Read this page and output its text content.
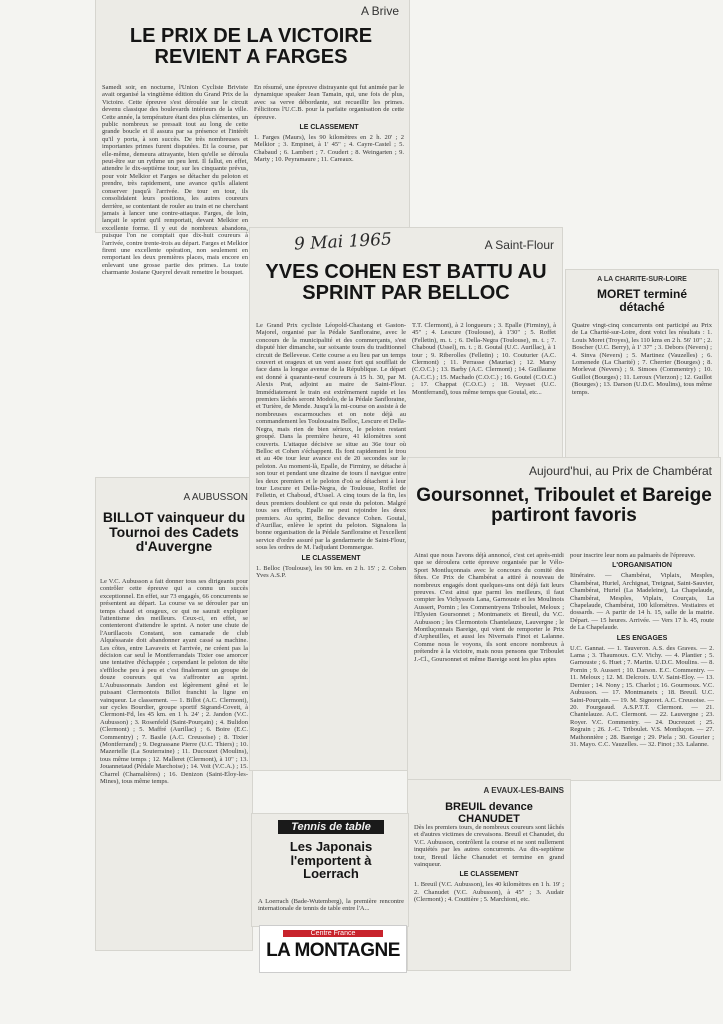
A Brive
LE PRIX DE LA VICTOIRE REVIENT A FARGES
Samedi soir, en nocturne, l'Union Cycliste Briviste avait organisé la vingtième édition du Grand Prix de la Victoire. Cette épreuve s'est déroulée sur le circuit devenu classique des boulevards intérieurs de la ville. Cette année, la température étant des plus clémentes, un public nombreux se pressait tout au long de cette grande boucle et il assura par sa présence et l'intérêt qu'il y porta, à son succès. De très nombreuses et importantes primes furent disputées. Et la course, par elle-même, demeura attrayante, bien qu'elle se déroula peut-être sur un rythme un peu lent. Il fallut, en effet, attendre le dix-septième tour, sur les cinquante prévus, pour voir Melkior et Farges se détacher du peloton et prendre, très rapidement, une avance qu'ils allaient conserver jusqu'à l'arrivée. De tour en tour, ils consolidaient leurs positions, les autres coureurs derrière, se contentant de rouler au train et ne cherchant jamais à lancer une contre-attaque. Farges, de loin, lançait le sprint qu'il remportait, devant Melkior en excellente forme. Il y eut de nombreux abandons, puisque l'on ne comptait que dix-huit coureurs à l'arrivée, contre trente-trois au départ. Farges et Melkior firent une excellente opération, non seulement en remportant les deux premières places, mais encore en enlevant une grosse partie des primes. La toute charmante Josiane Queyrel devait remettre le bouquet.
En résumé, une épreuve distrayante qui fut animée par le dynamique speaker Jean Tamain, qui, une fois de plus, avec sa verve débordante, sut recueillir les primes. Félicitons l'U.C.B. pour la parfaite organisation de cette épreuve.
LE CLASSEMENT
1. Farges (Maurs), les 90 kilomètres en 2 h. 20' ; 2 Melkior ; 3. Empinet, à 1' 45" ; 4. Cayre-Castel ; 5. Chabaud ; 6. Lambert ; 7. Coudert ; 8. Weingarten ; 9. Marty ; 10. Peyramaure ; 11. Careaux.
A AUBUSSON
BILLOT vainqueur du Tournoi des Cadets d'Auvergne
Le V.C. Aubusson a fait donner tous ses dirigeants pour contrôler cette épreuve qui a connu un succès exceptionnel. En effet, sur 73 engagés, 66 concurrents se présentent au départ. La course va se dérouler par un temps chaud et orageux, ce qui ne saurait expliquer l'attentisme des meilleurs. Ceux-ci, en effet, se contenteront d'attendre le sprint. A noter une chute de l'Aurillacois Constant, son camarade de club Alquéssaraie doit abandonner ayant cassé sa machine. Les côtes, entre Lavaveix et l'arrivée, ne créent pas la décision car seul le Montferrandais Tixier ose amorcer une tentative d'échappée ; cependant le peloton de tête s'effiloche peu à peu et c'est finalement un groupe de douze coureurs qui va s'affronter au sprint. L'Aubussonnais Jandon est légèrement gêné et le puissant Clermontois Billot franchit la ligne en vainqueur. Le classement. — 1. Billot (A.C. Clermont), sur cycles Bourdier, groupe sportif Sigrand-Covett, à Clermont-Fd, les 45 km. en 1 h. 24' ; 2. Jandon (V.C. Aubusson) ; 3. Rosenfeld (Saint-Pourçain) ; 4. Bulidon (Clermont) ; 5. Maffré (Aurillac) ; 6. Boire (E.C. Commentry) ; 7. Basile (A.C. Creusoise) ; 8. Tixier (Montferrand) ; 9. Degrassane Pierre (U.C. Thiers) ; 10. Mazertelle (La Souterraine) ; 11. Ducouzet (Moulins), tous même temps ; 12. Malleret (Clermont), à 10" ; 13. Jouannetaud (Pédale Marchoise) ; 14. Voit (V.C.A.) ; 15. Charrel (Chamalières) ; 16. Denizon (Saint-Eloy-les-Mines), tous même temps.
9 Mai 1965	A Saint-Flour
YVES COHEN EST BATTU AU SPRINT PAR BELLOC
Le Grand Prix cycliste Léopold-Chastang et Gaston-Majorel, organisé par la Pédale Sanfloraine, avec le concours de la municipalité et des commerçants, s'est disputé hier dimanche, sur soixante tours du traditionnel circuit de Belleveue. Cette course a eu lieu par un temps couvert et orageux et un vent assez fort qui soufflait de face dans la longue avenue de la République. Le départ est donné à quarante-neuf coureurs à 15 h. 30, par M. Alexis Prat, adjoint au maire de Saint-Flour. Immédiatement le train est extrêmement rapide et les premiers lâchés seront Modolo, de la Pédale Sanfloraine, et Turière, de Mende. Jusqu'à la mi-course on assiste à de nombreuses escarmouches et on note déjà au commandement les Toulousains Belloc, Lescure et Della-Negra, mais rien de bien sérieux, le peloton restant groupé. Dans la première heure, 41 kilomètres sont couverts. L'attaque décisive se situe au 36e tour où Belloc et Cohen s'échappent. Ils font rapidement le trou et au 40e tour leur avance est de 20 secondes sur le peloton. Au moment-là, Epalle, de Firminy, se détache à son tour et pendant une dizaine de tours il navigue entre les deux premiers et le peloton d'où se détachent à leur tour Lescure et Della-Negra, de Toulouse, Roffet de Felletin, et Chaboud, d'Ussel. A cinq tours de la fin, les deux premiers doublent ce qui reste du peloton. Malgré tous ses efforts, Epalle ne peut rejoindre les deux premiers. Au sprint, Belloc devance Cohen. Goutal, d'Aurillac, enlève le sprint du peloton. Signalons la bonne organisation de la Pédale Sanfloraine et l'excellent service d'ordre assuré par la gendarmerie de Saint-Flour, sous les ordres de M. l'adjudant Dommergue.
LE CLASSEMENT
1. Belloc (Toulouse), les 90 km. en 2 h. 15' ; 2. Cohen Yves A.S.P.
T.T. Clermont), à 2 longueurs ; 3. Epalle (Firminy), à 45" ; 4. Lescure (Toulouse), à 1'30" ; 5. Roffet (Felletin), m. t. ; 6. Della-Negra (Toulouse), m. t. ; 7. Chaboud (Ussel), m. t. ; 8. Goutal (U.C. Aurillac), à 1 tour ; 9. Riberolles (Felletin) ; 10. Couturier (A.C. Clermont) ; 11. Perrasse (Mauriac) ; 12. Marsy (C.O.C.) ; 13. Barby (A.C. Clermont) ; 14. Guillaume (A.C.C.) ; 15. Machado (C.O.C.) ; 16. Goutel (C.O.C.) ; 17. Chappat (C.O.C.) ; 18. Veysset (U.C. Montferrand), tous même temps que Goutal, etc...
A LA CHARITE-SUR-LOIRE
MORET terminé détaché
Quatre vingt-cinq concurrents ont participé au Prix de La Charité-sur-Loire, dont voici les résultats : 1. Louis Moret (Troyes), les 110 kms en 2 h. 56' 10" ; 2. Boscher (U.C. Berry), à 1' 37" ; 3. Debors (Nevers) ; 4. Sinva (Nevers) ; 5. Martinez (Vauzelles) ; 6. Lomenede (La Charité) ; 7. Cherrier (Bourges) ; 8. Morlevat (Nevers) ; 9. Simoes (Commentry) ; 10. Guillot (Bourges) ; 11. Leroux (Vierzon) ; 12. Guillot (Bourges) ; 13. Darson (U.D.C. Moulins), tous même temps.
Aujourd'hui, au Prix de Chambérat
Goursonnet, Triboulet et Bareige partiront favoris
Ainsi que nous l'avons déjà annoncé, c'est cet après-midi que se déroulera cette épreuve organisée par le Vélo-Sport Montluçonnais avec le concours du comité des fêtes. Ce Prix de Chambérat a attiré à nouveau de nombreux engagés dont quelques-uns ont déjà fait leurs preuves. C'est ainsi que parmi les meilleurs, il faut compter les Vichyssois Lana, Garnouste et les Moulinois Aussert, Pornin ; les Commentryens Triboulet, Meloux ; l'Elysien Goursonnet ; Montmaneix et Breuil, du V.C. Aubusson ; les Clermontois Chantelauze, Lauvergne ; le Montluçonnais Bareige, qui vient de remporter le Prix d'Arpheuilles, et aussi les Nivernais Finot et Lalanne. Comme nous le voyons, ils sont encore nombreux à prétendre à la victoire, mais nous pensons que Triboulet J.-Cl., Goursonnet et même Bareige sont les plus aptes
pour inscrire leur nom au palmarès de l'épreuve.
L'ORGANISATION
Itinéraire. — Chambérat, Viplaix, Mesples, Chambérat, Huriel, Archignat, Treignat, Saint-Sauvier, Chambérat, Huriel (La Madeleine), La Chapelaude, Chambérat, Mesples, Viplaix, Courçais, La Chapelaude, Chambérat, 100 kilomètres. Vestiaires et dossards. — A partir de 14 h. 15, salle de la mairie. Départ. — 15 heures. Arrivée. — Vers 17 h. 45, route de La Chapelaude.
LES ENGAGES
U.C. Gannat. — 1. Tauveron. A.S. des Graves. — 2. Lama ; 3. Thaumoux. C.V. Vichy. — 4. Plantier ; 5. Garnouste ; 6. Huet ; 7. Martin. U.D.C. Moulins. — 8. Pornin ; 9. Aussert ; 10. Darson. E.C. Commentry. — 11. Meloux ; 12. M. Delcroix. U.V. Saint-Eloy. — 13. Dernier ; 14. Nony ; 15. Charlot ; 16. Gourmoux. V.C. Aubusson. — 17. Montmaneix ; 18. Breuil. U.C. Saint-Pourçain. — 19. M. Signoret. A.C. Creusoise. — 20. Fourgeaud. A.S.P.T.T. Clermont. — 21. Chantelauze. A.C. Clermont. — 22. Lauvergne ; 23. Royer. V.C. Commentry. — 24. Ducreuzet ; 25. Regrain ; 26. J.-C. Triboulet. V.S. Montluçon. — 27. Mathonnière ; 28. Bareige ; 29. Piela ; 30. Gourier ; 31. Mayo. C.C. Vauzelles. — 32. Finot ; 33. Lalanne.
A EVAUX-LES-BAINS
BREUIL devance CHANUDET
Dès les premiers tours, de nombreux coureurs sont lâchés et d'autres victimes de crevaisons. Breuil et Chanudet, du V.C. Aubusson, contrôlent la course et ne sont nullement inquiétés par les autres concurrents. Au dix-septième tour, Breuil lâche Chanudet et termine en grand vainqueur.
LE CLASSEMENT
1. Breuil (V.C. Aubusson), les 40 kilomètres en 1 h. 19' ; 2. Chanudet (V.C. Aubusson), à 45" ; 3. Audair (Clermont) ; 4. Couttière ; 5. Marchioni, etc.
Tennis de table
Les Japonais l'emportent à Loerrach
A Loerrach (Bade-Wutemberg), la première rencontre internationale de tennis de table entre l'A...
Centre France
LA MONTAGNE
